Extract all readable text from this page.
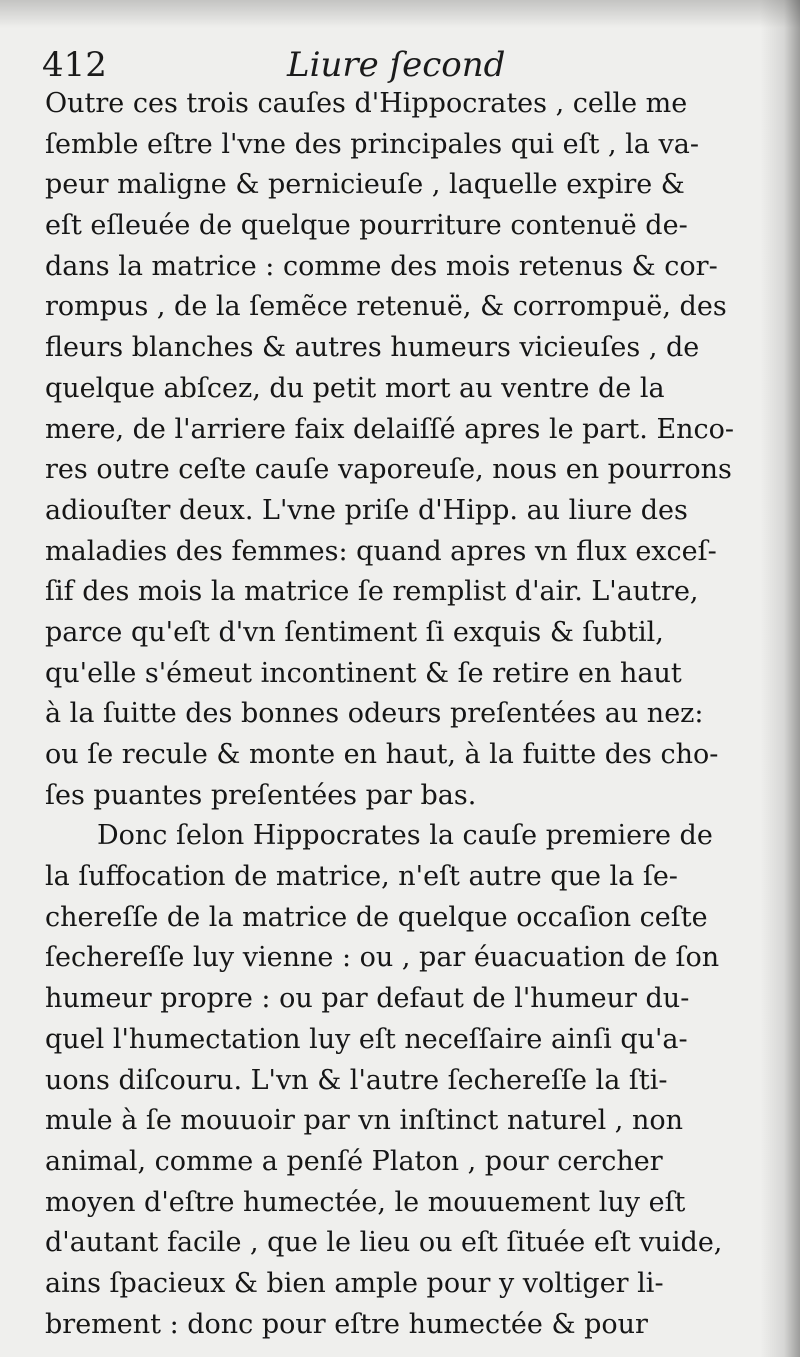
412	Liure ſecond
Outre ces trois cauſes d'Hippocrates , celle me
ſemble eſtre l'vne des principales qui eſt , la va-
peur maligne & pernicieuſe , laquelle expire &
eſt eſleuée de quelque pourriture contenuë de-
dans la matrice : comme des mois retenus & cor-
rompus , de la ſemẽce retenuë, & corrompuë, des
fleurs blanches & autres humeurs vicieuſes , de
quelque abſcez, du petit mort au ventre de la
mere, de l'arriere faix delaiſſé apres le part. Enco-
res outre ceſte cauſe vaporeuſe, nous en pourrons
adiouſter deux. L'vne priſe d'Hipp. au liure des
maladies des femmes: quand apres vn flux exceſ-
ſif des mois la matrice ſe remplist d'air. L'autre,
parce qu'eſt d'vn ſentiment ſi exquis & ſubtil,
qu'elle s'émeut incontinent & ſe retire en haut
à la ſuitte des bonnes odeurs preſentées au nez:
ou ſe recule & monte en haut, à la fuitte des cho-
ſes puantes preſentées par bas.
Donc ſelon Hippocrates la cauſe premiere de
la ſuffocation de matrice, n'eſt autre que la ſe-
chereſſe de la matrice de quelque occaſion ceſte
ſechereſſe luy vienne : ou , par éuacuation de ſon
humeur propre : ou par defaut de l'humeur du-
quel l'humectation luy eſt neceſſaire ainſi qu'a-
uons diſcouru. L'vn & l'autre ſechereſſe la ſti-
mule à ſe mouuoir par vn inſtinct naturel , non
animal, comme a penſé Platon , pour cercher
moyen d'eſtre humectée, le mouuement luy eſt
d'autant facile , que le lieu ou eſt ſituée eſt vuide,
ains ſpacieux & bien ample pour y voltiger li-
brement : donc pour eſtre humectée & pour
